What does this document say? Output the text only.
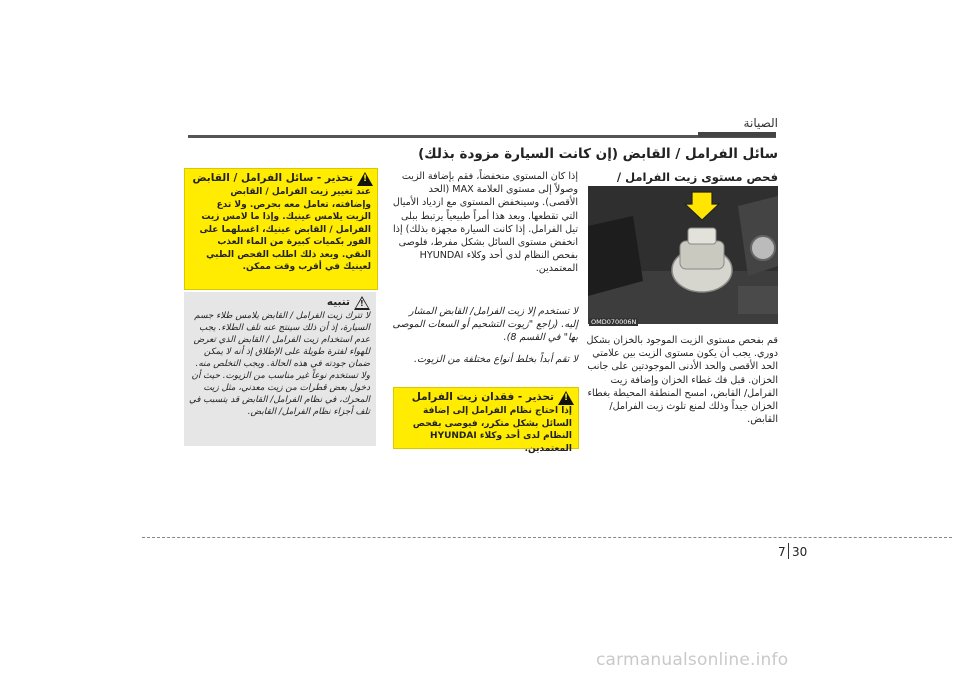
الصيانة
سائل الفرامل / القابض (إن كانت السيارة مزودة بذلك)
فحص مستوى زيت الفرامل /
OMD070006N
قم بفحص مستوى الزيت الموجود بالخزان بشكل دوري. يجب أن يكون مستوى الزيت بين علامتي الحد الأقصى والحد الأدنى الموجودتين على جانب الخزان. قبل فك غطاء الخزان وإضافة زيت الفرامل/ القابض، امسح المنطقة المحيطة بغطاء الخزان جيداً وذلك لمنع تلوث زيت الفرامل/ القابض.
إذا كان المستوى منخفضاً، فقم بإضافة الزيت وصولاً إلى مستوى العلامة MAX (الحد الأقصى). وسينخفض المستوى مع ازدياد الأميال التي تقطعها. ويعد هذا أمراً طبيعياً يرتبط ببلى تيل الفرامل. إذا كانت السيارة مجهزة بذلك) إذا انخفض مستوى السائل بشكل مفرط، فلوصى بفحص النظام لدى أحد وكلاء HYUNDAI المعتمدين.
لا تستخدم إلا زيت الفرامل/ القابض المشار إليه. (راجع "زيوت التشحيم أو السعات الموصى بها" في القسم 8).
لا تقم أبداً بخلط أنواع مختلفة من الزيوت.
!
تحذير - فقدان زيت الفرامل
إذا احتاج نظام الفرامل إلى إضافة السائل بشكل متكرر، فيوصى بفحص النظام لدى أحد وكلاء HYUNDAI المعتمدين.
!
تحذير - سائل الفرامل / القابض
عند تغيير زيت الفرامل / القابض وإضافته، تعامل معه بحرص. ولا تدع الزيت يلامس عينيك. وإذا ما لامس زيت الفرامل / القابض عينيك، اغسلهما على الفور بكميات كبيرة من الماء العذب النقي. وبعد ذلك اطلب الفحص الطبي لعينيك في أقرب وقت ممكن.
!
تنبيه
لا تترك زيت الفرامل / القابض يلامس طلاء جسم السيارة، إذ أن ذلك سينتج عنه تلف الطلاء. يجب عدم استخدام زيت الفرامل / القابض الذي تعرض للهواء لفترة طويلة على الإطلاق إذ أنه لا يمكن ضمان جودته في هذه الحالة. ويجب التخلص منه. ولا تستخدم نوعاً غير مناسب من الزيوت. حيث أن دخول بعض قطرات من زيت معدني، مثل زيت المحرك، في نظام الفرامل/ القابض قد يتسبب في تلف أجزاء نظام الفرامل/ القابض.
7 30
carmanualsonline.info
